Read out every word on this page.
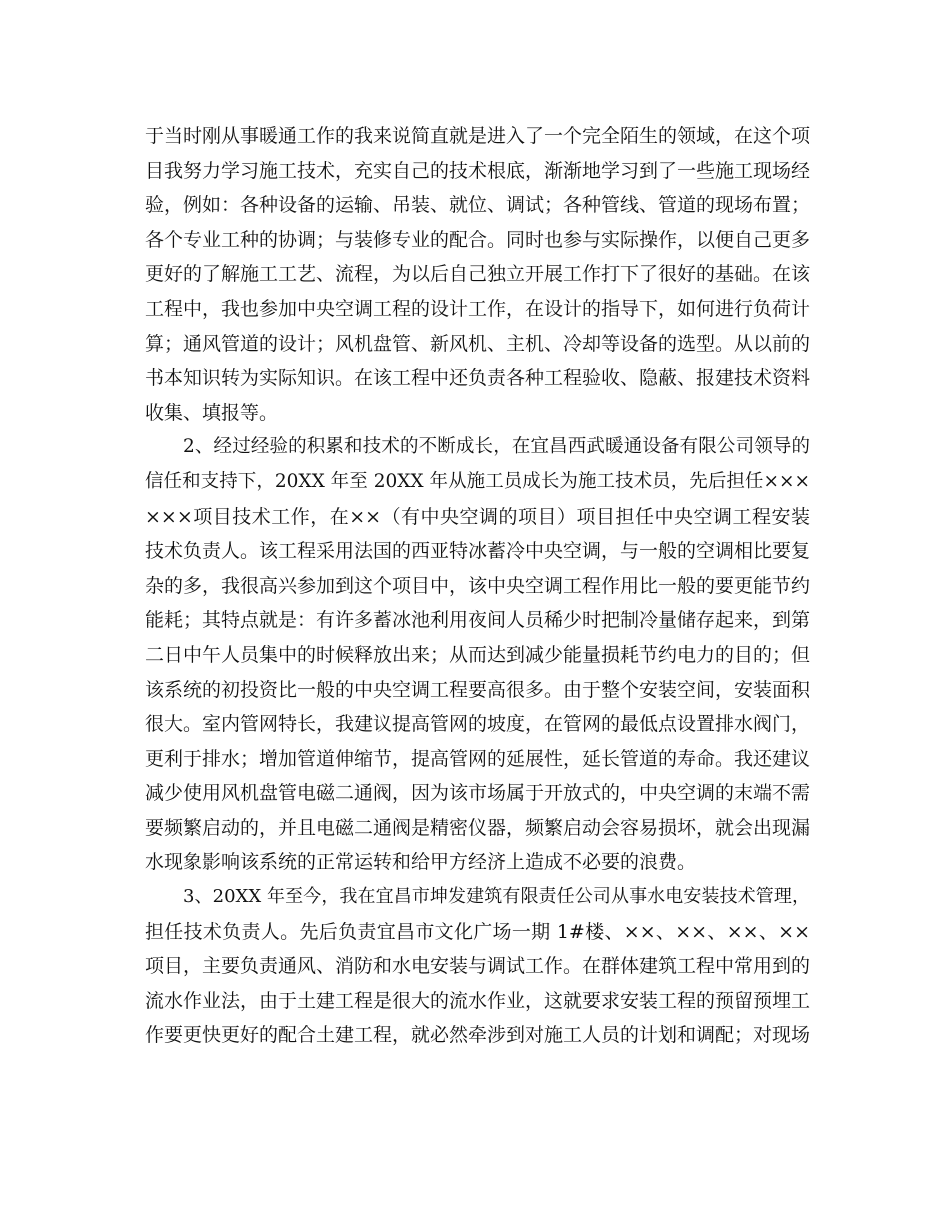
于当时刚从事暖通工作的我来说简直就是进入了一个完全陌生的领域，在这个项
目我努力学习施工技术，充实自己的技术根底，渐渐地学习到了一些施工现场经
验，例如：各种设备的运输、吊装、就位、调试；各种管线、管道的现场布置；
各个专业工种的协调；与装修专业的配合。同时也参与实际操作，以便自己更多
更好的了解施工工艺、流程，为以后自己独立开展工作打下了很好的基础。在该
工程中，我也参加中央空调工程的设计工作，在设计的指导下，如何进行负荷计
算；通风管道的设计；风机盘管、新风机、主机、冷却等设备的选型。从以前的
书本知识转为实际知识。在该工程中还负责各种工程验收、隐蔽、报建技术资料
收集、填报等。
2、经过经验的积累和技术的不断成长，在宜昌西武暖通设备有限公司领导的
信任和支持下，20XX 年至 20XX 年从施工员成长为施工技术员，先后担任×××
×××项目技术工作，在××（有中央空调的项目）项目担任中央空调工程安装
技术负责人。该工程采用法国的西亚特冰蓄冷中央空调，与一般的空调相比要复
杂的多，我很高兴参加到这个项目中，该中央空调工程作用比一般的要更能节约
能耗；其特点就是：有许多蓄冰池利用夜间人员稀少时把制冷量储存起来，到第
二日中午人员集中的时候释放出来；从而达到减少能量损耗节约电力的目的；但
该系统的初投资比一般的中央空调工程要高很多。由于整个安装空间，安装面积
很大。室内管网特长，我建议提高管网的坡度，在管网的最低点设置排水阀门，
更利于排水；增加管道伸缩节，提高管网的延展性，延长管道的寿命。我还建议
减少使用风机盘管电磁二通阀，因为该市场属于开放式的，中央空调的末端不需
要频繁启动的，并且电磁二通阀是精密仪器，频繁启动会容易损坏，就会出现漏
水现象影响该系统的正常运转和给甲方经济上造成不必要的浪费。
3、20XX 年至今，我在宜昌市坤发建筑有限责任公司从事水电安装技术管理，
担任技术负责人。先后负责宜昌市文化广场一期 1#楼、××、××、××、××
项目，主要负责通风、消防和水电安装与调试工作。在群体建筑工程中常用到的
流水作业法，由于土建工程是很大的流水作业，这就要求安装工程的预留预埋工
作要更快更好的配合土建工程，就必然牵涉到对施工人员的计划和调配；对现场
